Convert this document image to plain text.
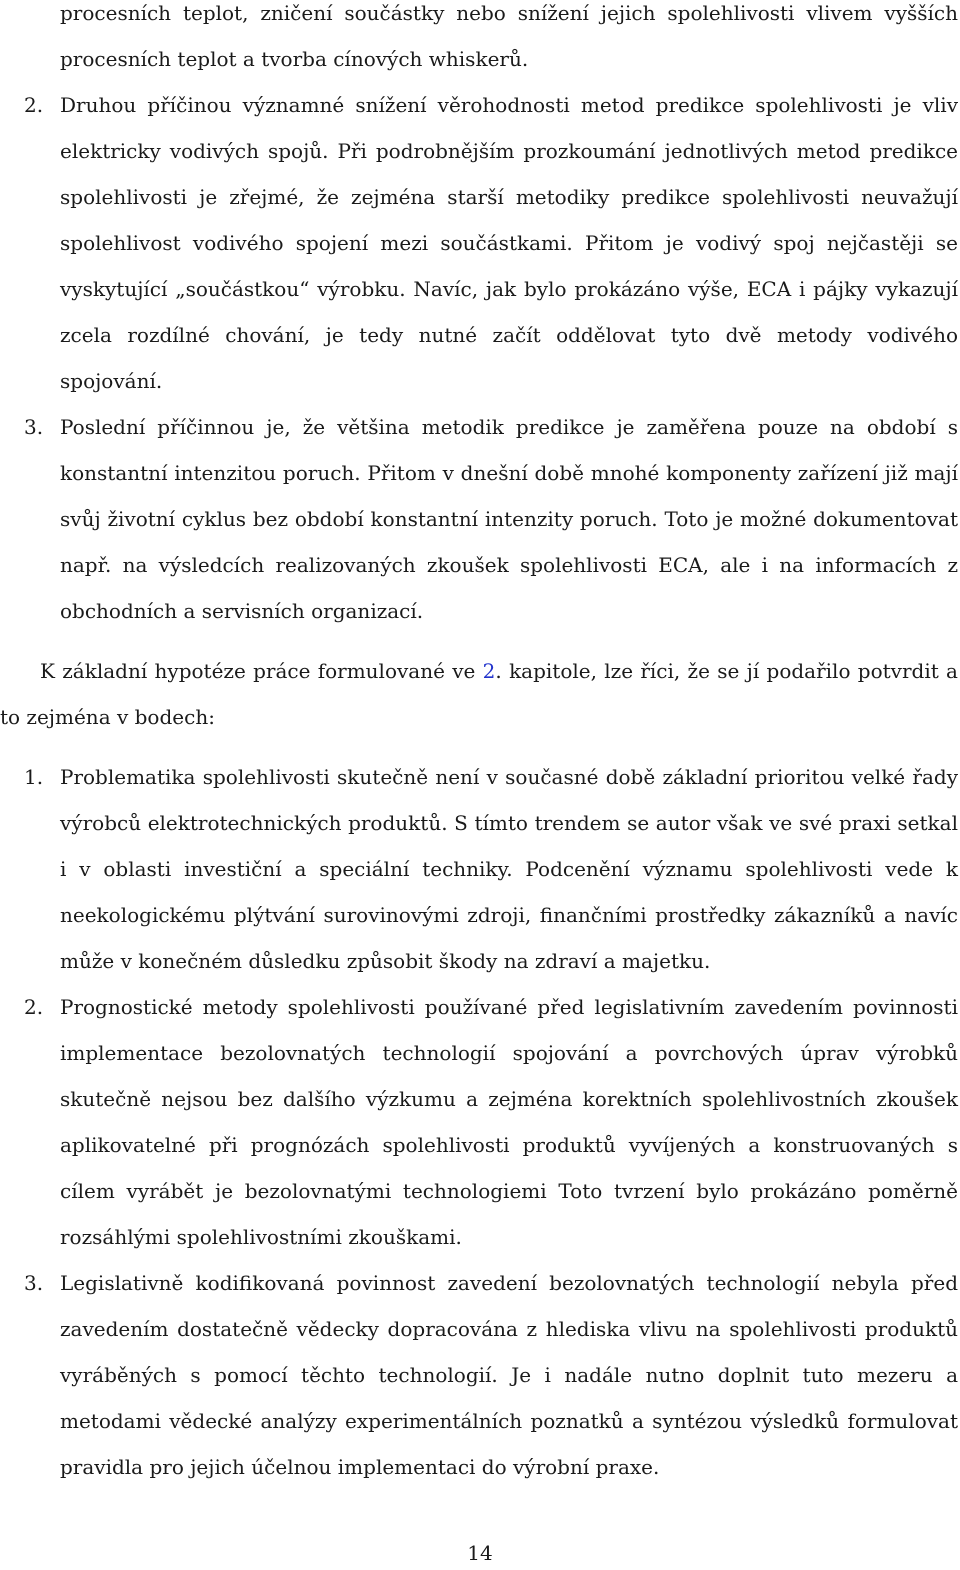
procesních teplot, zničení součástky nebo snížení jejich spolehlivosti vlivem vyšších procesních teplot a tvorba cínových whiskerů.
2. Druhou příčinou významné snížení věrohodnosti metod predikce spolehlivosti je vliv elektricky vodivých spojů. Při podrobnějším prozkoumání jednotlivých metod predikce spolehlivosti je zřejmé, že zejména starší metodiky predikce spolehlivosti neuvažují spolehlivost vodivého spojení mezi součástkami. Přitom je vodivý spoj nejčastěji se vyskytující „součástkou“ výrobku. Navíc, jak bylo prokázáno výše, ECA i pájky vykazují zcela rozdílné chování, je tedy nutné začít oddělovat tyto dvě metody vodivého spojování.
3. Poslední příčinnou je, že většina metodik predikce je zaměřena pouze na období s konstantní intenzitou poruch. Přitom v dnešní době mnohé komponenty zařízení již mají svůj životní cyklus bez období konstantní intenzity poruch. Toto je možné dokumentovat např. na výsledcích realizovaných zkoušek spolehlivosti ECA, ale i na informacích z obchodních a servisních organizací.

K základní hypotéze práce formulované ve 2. kapitole, lze říci, že se jí podařilo potvrdit a to zejména v bodech:

1. Problematika spolehlivosti skutečně není v současné době základní prioritou velké řady výrobců elektrotechnických produktů. S tímto trendem se autor však ve své praxi setkal i v oblasti investiční a speciální techniky. Podcenění významu spolehlivosti vede k neekologickému plýtvání surovinovými zdroji, finančními prostředky zákazníků a navíc může v konečném důsledku způsobit škody na zdraví a majetku.
2. Prognostické metody spolehlivosti používané před legislativním zavedením povinnosti implementace bezolovnatých technologií spojování a povrchových úprav výrobků skutečně nejsou bez dalšího výzkumu a zejména korektních spolehlivostních zkoušek aplikovatelné při prognózách spolehlivosti produktů vyvíjených a konstruovaných s cílem vyrábět je bezolovnatými technologiemi Toto tvrzení bylo prokázáno poměrně rozsáhlými spolehlivostními zkouškami.
3. Legislativně kodifikovaná povinnost zavedení bezolovnatých technologií nebyla před zavedením dostatečně vědecky dopracována z hlediska vlivu na spolehlivosti produktů vyráběných s pomocí těchto technologií. Je i nadále nutno doplnit tuto mezeru a metodami vědecké analýzy experimentálních poznatků a syntézou výsledků formulovat pravidla pro jejich účelnou implementaci do výrobní praxe.
14
